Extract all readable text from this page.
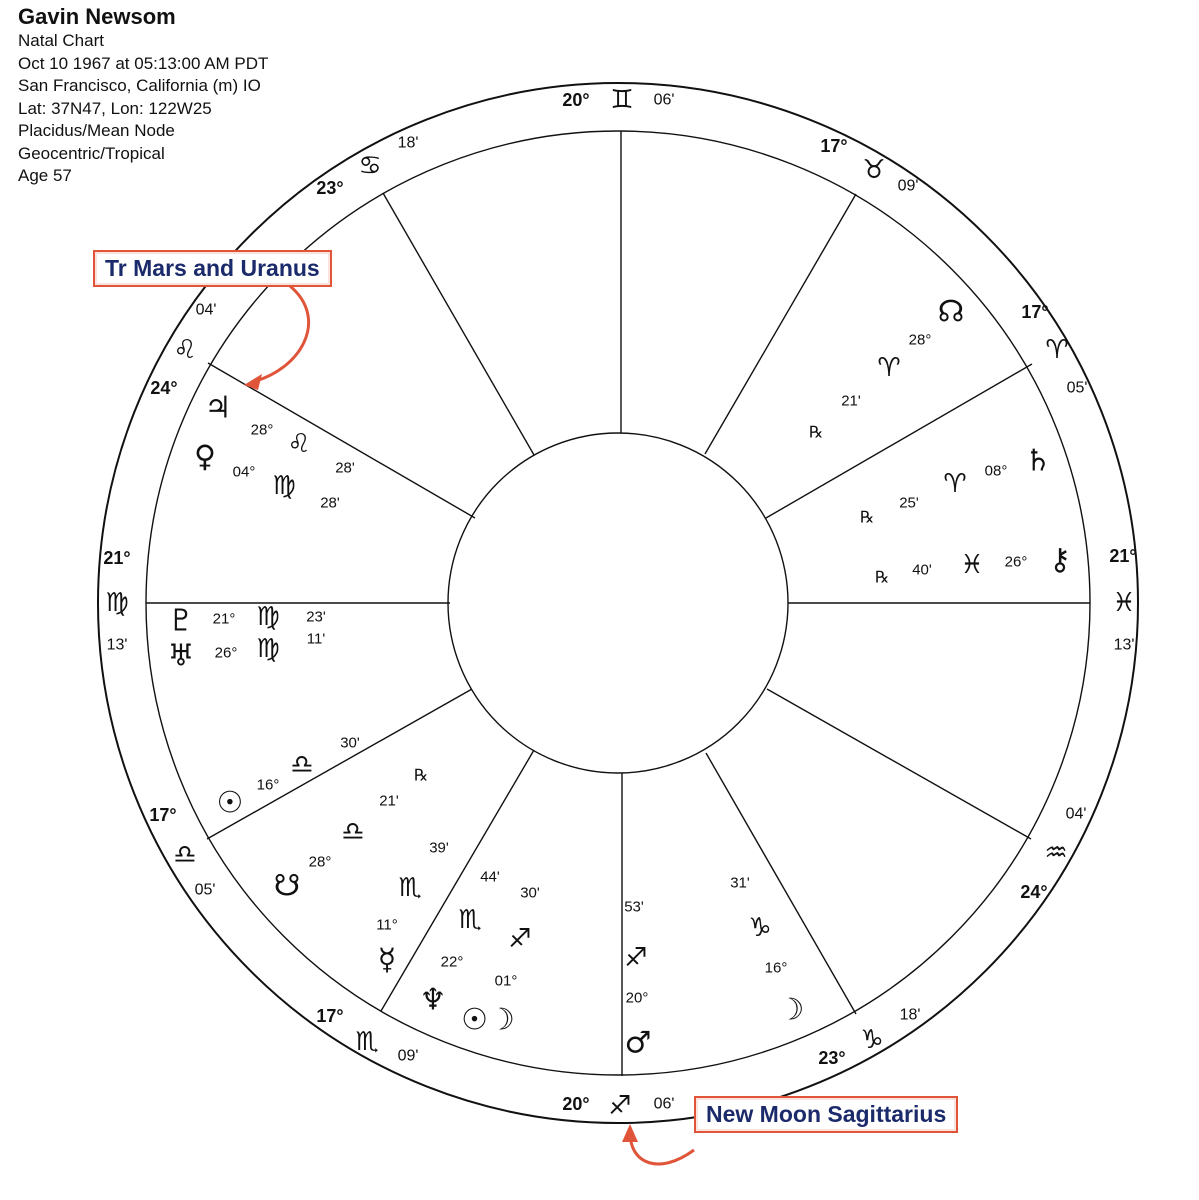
Gavin Newsom
Natal Chart
Oct 10 1967 at 05:13:00 AM PDT
San Francisco, California (m) IO
Lat: 37N47, Lon: 122W25
Placidus/Mean Node
Geocentric/Tropical
Age 57
20° ♊ 06'
17°
♉
09'
17°
♈
05'
21°
♓
13'
24°
♒
04'
23°
♑
18'
20° ♐ 06'
17°
♏ 09'
17°
♎
05'
21°
♍
13'
24°
♌
04'
23°
♋
18'
☊
28°
♈
21'
℞
♄
08°
♈
25'
℞
⚷
26°
♓
40'
℞
☽
16°
♑
31'
♂
20°
♐
53'
☉☽
01°
♐
30'
♆
22°
♏
44'
☿
11°
♏
39'
☋
28°
♎
21'
℞
☉
16°
♎
30'
♇ 21° ♍ 23'
♅ 26° ♍ 11'
♀ 04° ♍
28'
♃
28° ♌
28'
Tr Mars and Uranus
New Moon Sagittarius
